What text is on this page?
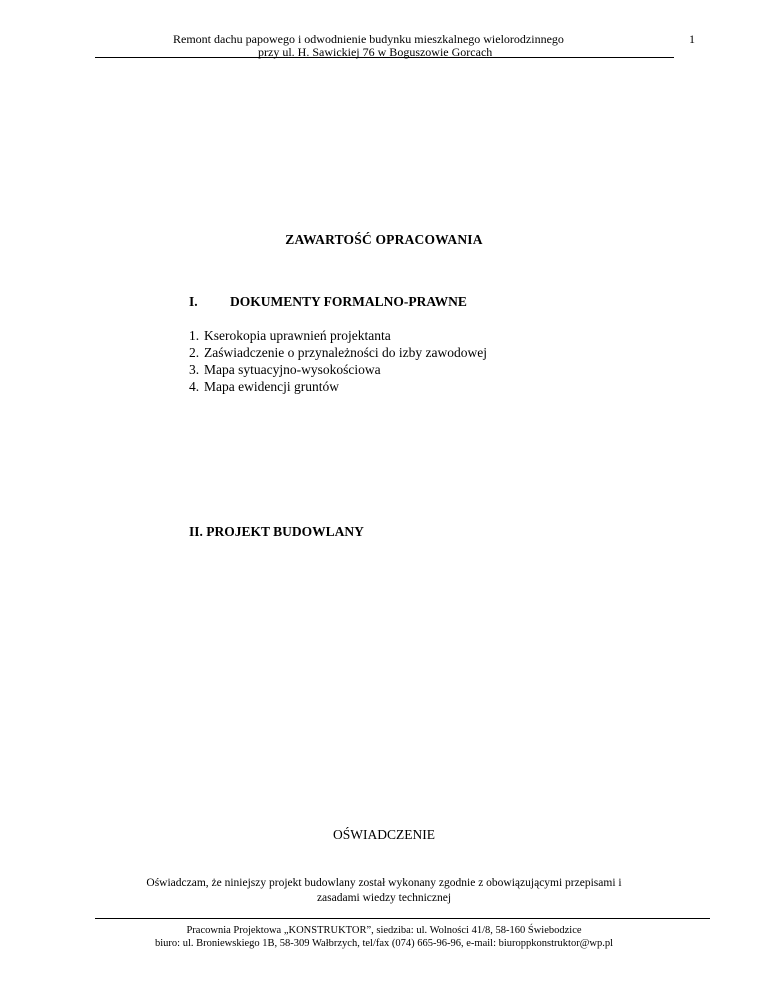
Remont dachu papowego i odwodnienie budynku mieszkalnego wielorodzinnego
przy ul. H. Sawickiej 76 w Boguszowie Gorcach
1
ZAWARTOŚĆ OPRACOWANIA
I. DOKUMENTY FORMALNO-PRAWNE
1. Kserokopia uprawnień projektanta
2. Zaświadczenie o przynależności do izby zawodowej
3. Mapa sytuacyjno-wysokościowa
4. Mapa ewidencji gruntów
II. PROJEKT BUDOWLANY
OŚWIADCZENIE
Oświadczam, że niniejszy projekt budowlany został wykonany zgodnie z obowiązującymi przepisami i
zasadami wiedzy technicznej
Pracownia Projektowa „KONSTRUKTOR”, siedziba: ul. Wolności 41/8, 58-160 Świebodzice
biuro: ul. Broniewskiego 1B, 58-309 Wałbrzych, tel/fax (074) 665-96-96, e-mail: biuroppkonstruktor@wp.pl
